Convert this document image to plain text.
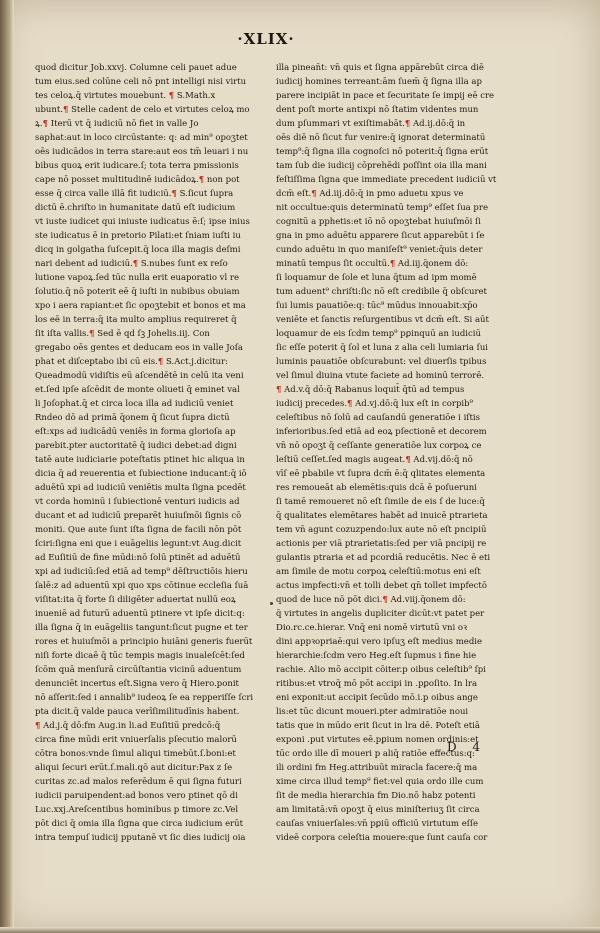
·XLIX·
quod dicitur Job.xxvj. Columne celi pauet adue
tum eius.sed colūne celi nō pnt intelligi nisi virtu
tes celoꝝ.q̄ virtutes mouebunt. ¶ S.Math.x
ubunt.¶ Stelle cadent de celo et virtutes celoꝝ mo
ꝝ.¶ Iterū vt q̄ iudiciū nō fiet in valle Jo
saphat:aut in loco circūstante: q: ad min⁹ opoʒtet
oēs iudicādos in terra stare:aut eos tm̄ leuari i nu
bibus quoꝝ erit iudicare.ſ; tota terra pmissionis
cape nō posset multitudinē iudicādoꝝ.¶ non pot
esse q̄ circa valle illā fit iudiciū.¶ S.ſicut ſupra
dictū ē.chriſto in humanitate datū eſt iudicium
vt iuste iudicet qui iniuste iudicatus ē:ſ; ipse inius
ste iudicatus ē in pretorio Pilati:et ſniam iuſti iu
dicq in golgatha ſuſcepit.q̄ loca illa magis deſmi
nari debent ad iudiciū.¶ S.nubes ſunt ex reſo
lutione vapoꝝ.ſed tūc nulla erit euaporatio vl re
ſolutio.q̄ nō poterit eē q̄ iuſti in nubibus obuiam
xpo i aera rapiant:et ſic opoʒtebit et bonos et ma
los eē in terra:q̄ ita multo amplius requireret q̄
ſit iſta vallis.¶ Sed ē qd ſꝫ Johelis.iij. Con
gregabo oēs gentes et deducam eos in valle Joſa
phat et diſceptabo ibi cū eis.¶ S.Act.j.dicitur:
Queadmodū vidiſtis eū aſcendētē in celū ita veni
et.ſed ipſe aſcēdit de monte oliueti q̄ eminet val
li Joſophat.q̄ et circa loca illa ad iudiciū veniet
Rndeo dō ad primā q̄onem q̄ ſicut ſupra dictū
eſt:xps ad iudicādū veniēs in forma glorioſa ap
parebit.pter auctoritatē q̄ iudici debet:ad digni
tatē aute iudiciarie poteſtatis ptinet hic aliqua in
dicia q̄ ad reuerentia et ſubiectione inducant:q̄ iō
aduētū xpi ad iudiciū veniētis multa ſigna pcedēt
vt corda hominū i ſubiectionē venturi iudicis ad
ducant et ad iudiciū preparēt huiuſmōi ſignis cō
moniti. Que aute ſunt iſta ſigna de facili nōn pōt
ſciri:ſigna eni que i euāgeliis legunt:vt Aug.dicit
ad Euſitiū de fine mūdi:nō ſolū ptinēt ad aduētū
xpi ad iudiciū:ſed etiā ad temp⁹ dēſtructiōis hieru
ſalē:z ad aduentū xpi quo xps cōtinue eccleſia ſuā
viſitat:ita q̄ forte ſi diligēter aduertat nullū eoꝝ
inueniē ad futurū aduentū ptinere vt ipſe dicit:q:
illa ſigna q̄ in euāgeliis tangunt:ſicut pugne et ter
rores et huiuſmōi a principio huiāni generis fuerūt
niſi forte dicaē q̄ tūc tempis magis inualeſcēt:ſed
ſcōm quā menſurā circūſtantia vicinū aduentum
denunciēt incertus eſt.Signa vero q̄ Hiero.ponit
nō aſſerit:ſed i annalib⁹ iudeoꝝ ſe ea repperiſſe ſcri
pta dicit.q̄ valde pauca verīſimilitudīnis habent.
¶ Ad.j.q̄ dō:fm Aug.in li.ad Euſitiū predcō:q̄
circa fine mūdi erit vniuerſalis pſecutio malorū
cōtra bonos:vnde ſimul aliqui timebūt.ſ.boni:et
aliqui ſecuri erūt.ſ.mali.qō aut dicitur:Pax z ſe
curitas zc.ad malos referēdum ē qui ſigna futuri
iudicii paruipendent:ad bonos vero ptinet qō di
Luc.xxj.Areſcentibus hominibus p timore zc.Vel
pōt dici q̄ omia illa ſigna que circa iudicium erūt
intra tempuſ iudicij pputanē vt ſic dies iudicij oia
illa pinean̄t: vn̄ quis et ſigna appārebūt circa diē
iudicij homines terreant:ām ſuem̄ q̄ ſigna illa ap
parere incipiāt in pace et ſecuritate ſe impij eē cre
dent poſt morte antixpi nō ſtatim videntes mun
dum pſummari vt exiſtimabāt.¶ Ad.ij.dō:q̄ in
oēs diē nō ſicut fur venire:q̄ ignorat determinatū
temp⁹:q̄ ſigna illa cognoſci nō poterit:q̄ ſigna erūt
tam ſub die iudicij cōprehēdi poſſint oia illa mani
feſtiſſima ſigna que immediate precedent iudiciū vt
dcm̄ eſt.¶ Ad.iij.dō:q̄ in pmo aduetu xpus ve
nit occultue:quis determinatū temp⁹ eſſet ſua pre
cognitū a pphetis:et iō nō opoʒtebat huiuſmōi ſi
gna in pmo aduētu apparere ſicut apparebūt i ſe
cundo aduētu in quo maniſeſt⁹ veniet:q̄uis deter
minatū tempus ſit occultū.¶ Ad.iij.q̄onem dō:
ſi loquamur de ſole et luna q̄tum ad ipm momē
tum aduent⁹ chriſti:ſic nō eſt credibile q̄ obſcuret
ſui lumis pauatiōe:q: tūc⁹ mūdus innouabit:xp̄o
veniēte et ſanctis reſurgentibus vt dcm̄ eſt. Si aūt
loquamur de eis ſcdm temp⁹ pꝑinquū an iudiciū
ſic eſſe poterit q̄ ſol et luna z alia celi lumiaria ſui
luminis pauatiōe obſcurabunt: vel diuerſis tpibus
vel ſimul diuina vtute faciete ad hominū terrorē.
¶ Ad.v.q̄ dō:q̄ Rabanus loquit̄ q̄tū ad tempus
iudicij precedes.¶ Ad.vj.dō:q̄ lux eſt in corpib⁹
celeſtibus nō ſolū ad cauſandū generatiōe i iſtis
inferioribus.ſed etiā ad eoꝝ pſectionē et decorem
vn̄ nō opoʒt q̄ ceſſante generatiōe lux corpoꝝ ce
leſtiū ceſſet.ſed magis augeat.¶ Ad.vij.dō:q̄ nō
vīſ eē pbabile vt ſupra dcm̄ ē:q̄ qlitates elementa
res remoueāt ab elemētis:quis dcā ē poſueruni
ſi tamē remoueret nō eſt ſimile de eis ſ de luce:q̄
q̄ qualitates elemētares habēt ad inuicē ptrarieta
tem vn̄ agunt cozuzpendo:lux aute nō eſt pncipiū
actionis per viā ptrarietatis:ſed per viā pncipij re
gulantis ptraria et ad pcordiā reducētis. Nec ē eti
am ſimile de motu corpoꝝ celeſtiū:motus eni eſt
actus impfecti:vn̄ et tolli debet qn̄ tollet impfectō
quod de luce nō pōt dici.¶ Ad.viij.q̄onem dō:
q̄ virtutes in angelis dupliciter dicūt:vt patet per
Dio.rc.ce.hierar. Vnq̄ eni nomē virtutū vni oꝛ
dini appꝛopriaē:qui vero ipſuʒ eſt medius medie
hierarchie:ſcdm vero Heg.eſt ſupmus i fine hie
rachie. Alio mō accipit cōiter.p oibus celeſtib⁹ ſpi
ritibus:et vtroq̄ mō pōt accipi in .pꝑoſito. In lra
eni exponit:ut accipit ſecūdo mō.i.p oibus ange
lis:et tūc dicunt moueri.pter admiratiōe noui
tatis que in mūdo erit ſicut in lra dē. Poteſt etiā
exponi .put virtutes eē.pꝑium nomen ordinis:et
tūc ordo ille dī moueri p aliq̄ ratiōe effectus:q:
ili ordini fm Heg.attribuūt miracla facere:q̄ ma
xime circa illud temp⁹ fiet:vel quia ordo ille cum
ſit de media hierarchia fm Dio.nō habz potenti
am limitatā:vn̄ opoʒt q̄ eius miniſteriuʒ ſit circa
cauſas vniuerſales:vn̄ pꝑiū officiū virtutum eſſe
videē corpora celeſtia mouere:que ſunt cauſa cor
D 4
